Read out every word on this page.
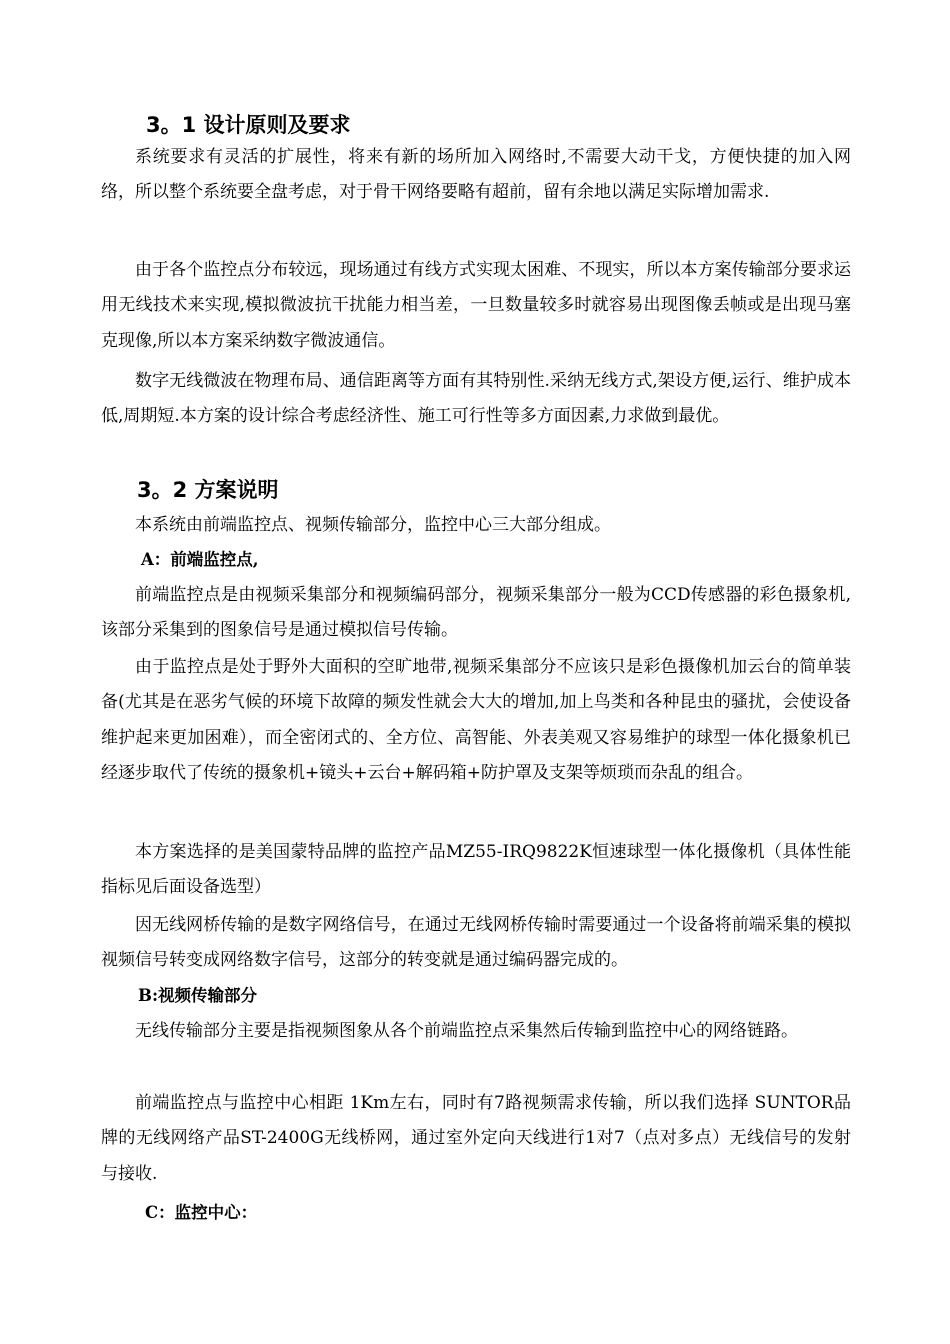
3。1 设计原则及要求

系统要求有灵活的扩展性，将来有新的场所加入网络时,不需要大动干戈，方便快捷的加入网络，所以整个系统要全盘考虑，对于骨干网络要略有超前，留有余地以满足实际增加需求.

由于各个监控点分布较远，现场通过有线方式实现太困难、不现实，所以本方案传输部分要求运用无线技术来实现,模拟微波抗干扰能力相当差，一旦数量较多时就容易出现图像丢帧或是出现马塞克现像,所以本方案采纳数字微波通信。

数字无线微波在物理布局、通信距离等方面有其特别性.采纳无线方式,架设方便,运行、维护成本低,周期短.本方案的设计综合考虑经济性、施工可行性等多方面因素,力求做到最优。

3。2 方案说明

本系统由前端监控点、视频传输部分，监控中心三大部分组成。

A：前端监控点,

前端监控点是由视频采集部分和视频编码部分，视频采集部分一般为CCD传感器的彩色摄象机,该部分采集到的图象信号是通过模拟信号传输。

由于监控点是处于野外大面积的空旷地带,视频采集部分不应该只是彩色摄像机加云台的简单装备(尤其是在恶劣气候的环境下故障的频发性就会大大的增加,加上鸟类和各种昆虫的骚扰，会使设备维护起来更加困难），而全密闭式的、全方位、高智能、外表美观又容易维护的球型一体化摄象机已经逐步取代了传统的摄象机+镜头+云台+解码箱+防护罩及支架等烦琐而杂乱的组合。

本方案选择的是美国蒙特品牌的监控产品MZ55-IRQ9822K恒速球型一体化摄像机（具体性能指标见后面设备选型）

因无线网桥传输的是数字网络信号，在通过无线网桥传输时需要通过一个设备将前端采集的模拟视频信号转变成网络数字信号，这部分的转变就是通过编码器完成的。

B:视频传输部分

无线传输部分主要是指视频图象从各个前端监控点采集然后传输到监控中心的网络链路。

前端监控点与监控中心相距 1Km左右，同时有7路视频需求传输，所以我们选择 SUNTOR品牌的无线网络产品ST-2400G无线桥网，通过室外定向天线进行1对7（点对多点）无线信号的发射与接收.

C：监控中心：
